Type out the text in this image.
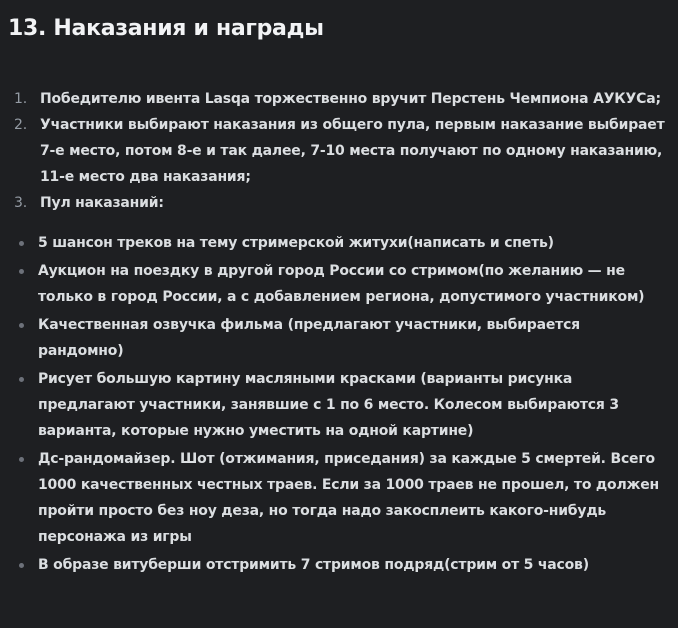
13. Наказания и награды
1. Победителю ивента Lasqa торжественно вручит Перстень Чемпиона АУКУСа;
2. Участники выбирают наказания из общего пула, первым наказание выбирает 7-е место, потом 8-е и так далее, 7-10 места получают по одному наказанию, 11-е место два наказания;
3. Пул наказаний:
5 шансон треков на тему стримерской житухи(написать и спеть)
Аукцион на поездку в другой город России со стримом(по желанию — не только в город России, а с добавлением региона, допустимого участником)
Качественная озвучка фильма (предлагают участники, выбирается рандомно)
Рисует большую картину масляными красками (варианты рисунка предлагают участники, занявшие с 1 по 6 место. Колесом выбираются 3 варианта, которые нужно уместить на одной картине)
Дс-рандомайзер. Шот (отжимания, приседания) за каждые 5 смертей. Всего 1000 качественных честных траев. Если за 1000 траев не прошел, то должен пройти просто без ноу деза, но тогда надо закосплеить какого-нибудь персонажа из игры
В образе витуберши отстримить 7 стримов подряд(стрим от 5 часов)
